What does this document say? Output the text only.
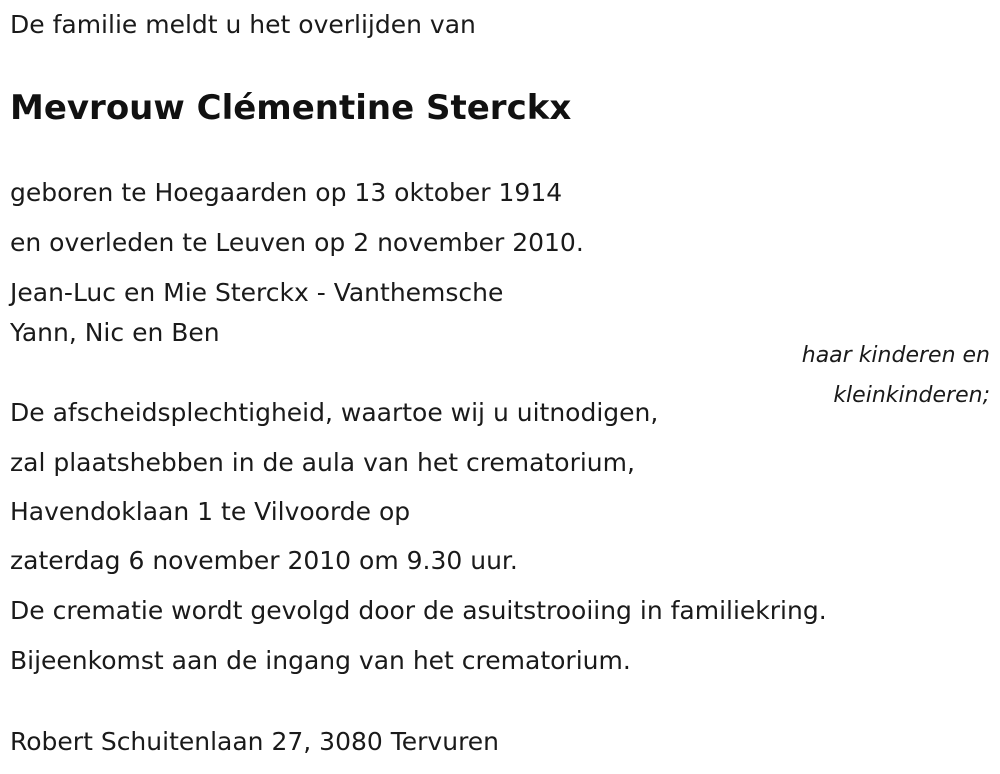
De familie meldt u het overlijden van

Mevrouw Clémentine Sterckx

geboren te Hoegaarden op 13 oktober 1914

en overleden te Leuven op 2 november 2010.

Jean-Luc en Mie Sterckx - Vanthemsche

Yann, Nic en Ben

haar kinderen en

kleinkinderen;

De afscheidsplechtigheid, waartoe wij u uitnodigen,

zal plaatshebben in de aula van het crematorium,

Havendoklaan 1 te Vilvoorde op

zaterdag 6 november 2010 om 9.30 uur.

De crematie wordt gevolgd door de asuitstrooiing in familiekring.

Bijeenkomst aan de ingang van het crematorium.

Robert Schuitenlaan 27, 3080 Tervuren
